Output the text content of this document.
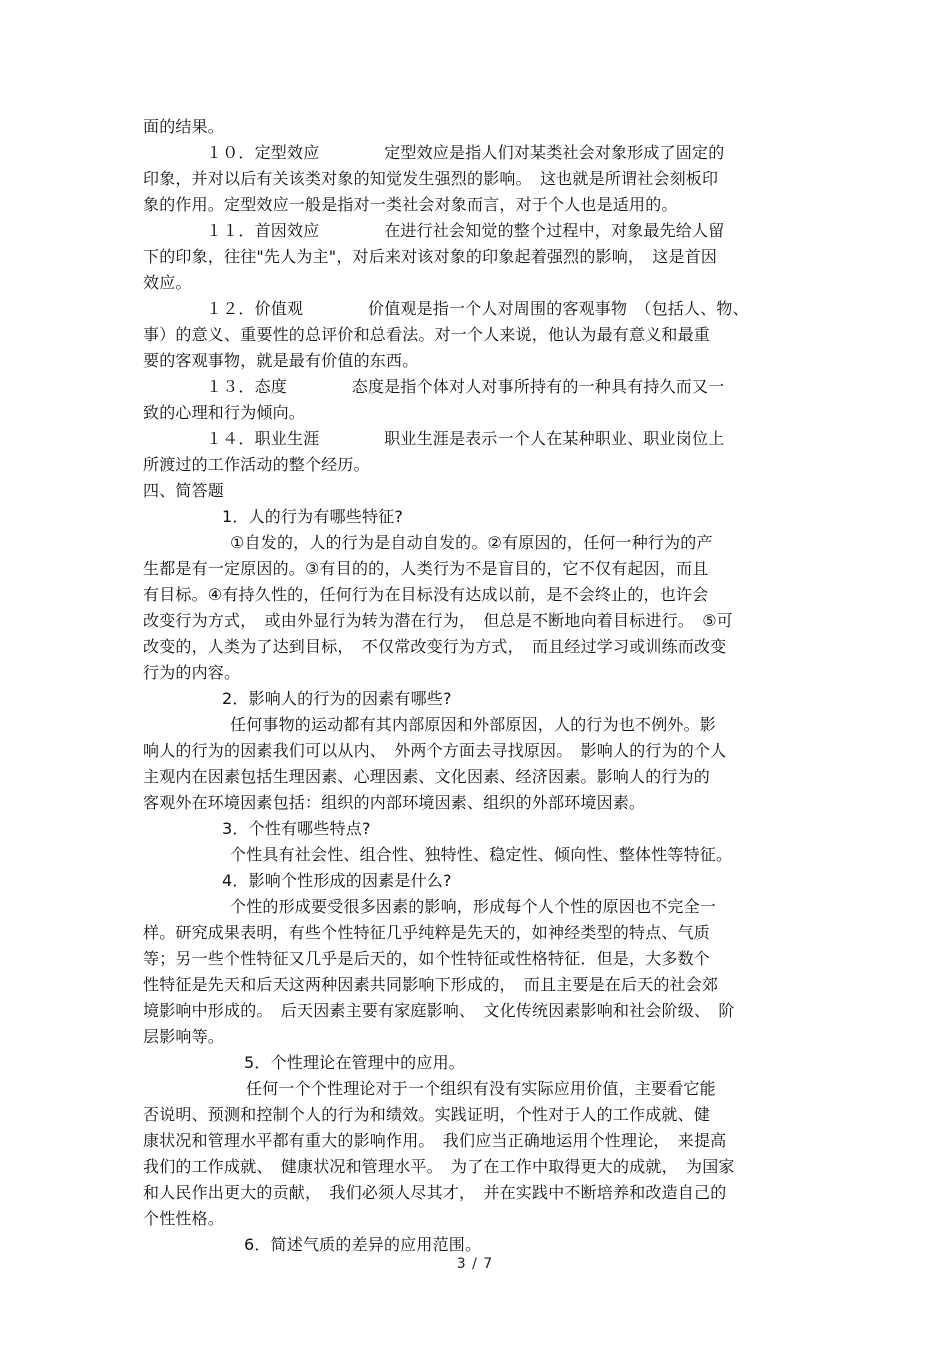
面的结果。
１０．定型效应　　　　定型效应是指人们对某类社会对象形成了固定的
印象，并对以后有关该类对象的知觉发生强烈的影响。　这也就是所谓社会刻板印
象的作用。定型效应一般是指对一类社会对象而言，对于个人也是适用的。
１１．首因效应　　　　在进行社会知觉的整个过程中，对象最先给人留
下的印象，往往"先人为主"，对后来对该对象的印象起着强烈的影响，　这是首因
效应。
１２．价值观　　　　价值观是指一个人对周围的客观事物　（包括人、物、
事）的意义、重要性的总评价和总看法。对一个人来说，他认为最有意义和最重
要的客观事物，就是最有价值的东西。
１３．态度　　　　态度是指个体对人对事所持有的一种具有持久而又一
致的心理和行为倾向。
１４．职业生涯　　　　职业生涯是表示一个人在某种职业、职业岗位上
所渡过的工作活动的整个经历。
四、简答题
1．人的行为有哪些特征?
①自发的，人的行为是自动自发的。②有原因的，任何一种行为的产
生都是有一定原因的。③有目的的，人类行为不是盲目的，它不仅有起因，而且
有目标。④有持久性的，任何行为在目标没有达成以前，是不会终止的，也许会
改变行为方式，　或由外显行为转为潜在行为，　但总是不断地向着目标进行。　⑤可
改变的，人类为了达到目标，　不仅常改变行为方式，　而且经过学习或训练而改变
行为的内容。
2．影响人的行为的因素有哪些?
任何事物的运动都有其内部原因和外部原因，人的行为也不例外。影
响人的行为的因素我们可以从内、　外两个方面去寻找原因。　影响人的行为的个人
主观内在因素包括生理因素、心理因素、文化因素、经济因素。影响人的行为的
客观外在环境因素包括：组织的内部环境因素、组织的外部环境因素。
3．个性有哪些特点?
个性具有社会性、组合性、独特性、稳定性、倾向性、整体性等特征。
4．影响个性形成的因素是什么?
个性的形成要受很多因素的影响，形成每个人个性的原因也不完全一
样。研究成果表明，有些个性特征几乎纯粹是先天的，如神经类型的特点、气质
等；另一些个性特征又几乎是后天的，如个性特征或性格特征．但是，大多数个
性特征是先天和后天这两种因素共同影响下形成的，　而且主要是在后天的社会郊
境影响中形成的。　后天因素主要有家庭影响、　文化传统因素影响和社会阶级、　阶
层影响等。
5．个性理论在管理中的应用。
任何一个个性理论对于一个组织有没有实际应用价值，主要看它能
否说明、预测和控制个人的行为和绩效。实践证明，个性对于人的工作成就、健
康状况和管理水平都有重大的影响作用。　我们应当正确地运用个性理论，　来提高
我们的工作成就、　健康状况和管理水平。　为了在工作中取得更大的成就，　为国家
和人民作出更大的贡献，　我们必须人尽其才，　并在实践中不断培养和改造自己的
个性性格。
6．简述气质的差异的应用范围。
3 / 7
